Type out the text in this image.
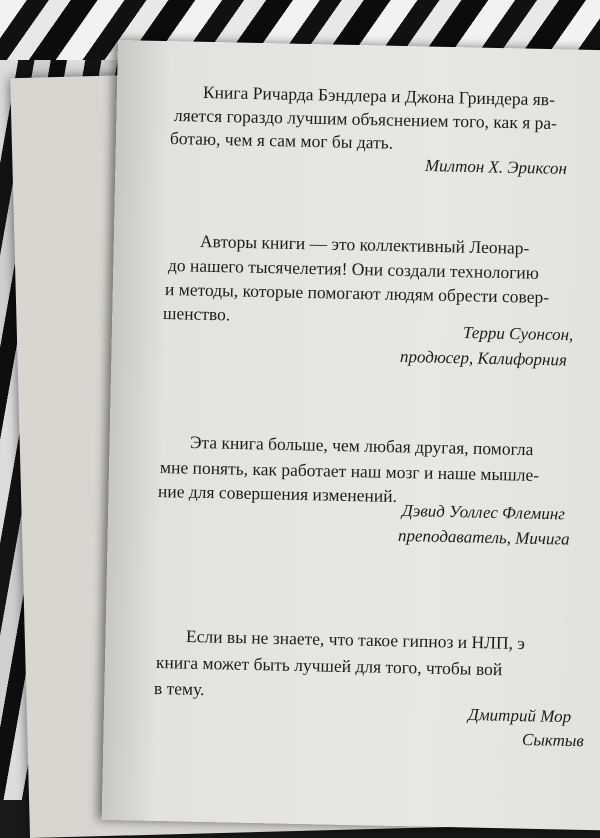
Книга Ричарда Бэндлера и Джона Гриндера яв-

ляется гораздо лучшим объяснением того, как я ра-

ботаю, чем я сам мог бы дать.

Милтон Х. Эриксон

Авторы книги — это коллективный Леонар-

до нашего тысячелетия! Они создали технологию

и методы, которые помогают людям обрести совер-

шенство.

Терри Суонсон,

продюсер, Калифорния

Эта книга больше, чем любая другая, помогла

мне понять, как работает наш мозг и наше мышле-

ние для совершения изменений.

Дэвид Уоллес Флеминг

преподаватель, Мичига

Если вы не знаете, что такое гипноз и НЛП, э

книга может быть лучшей для того, чтобы вой

в тему.

Дмитрий Мор

Сыктыв
